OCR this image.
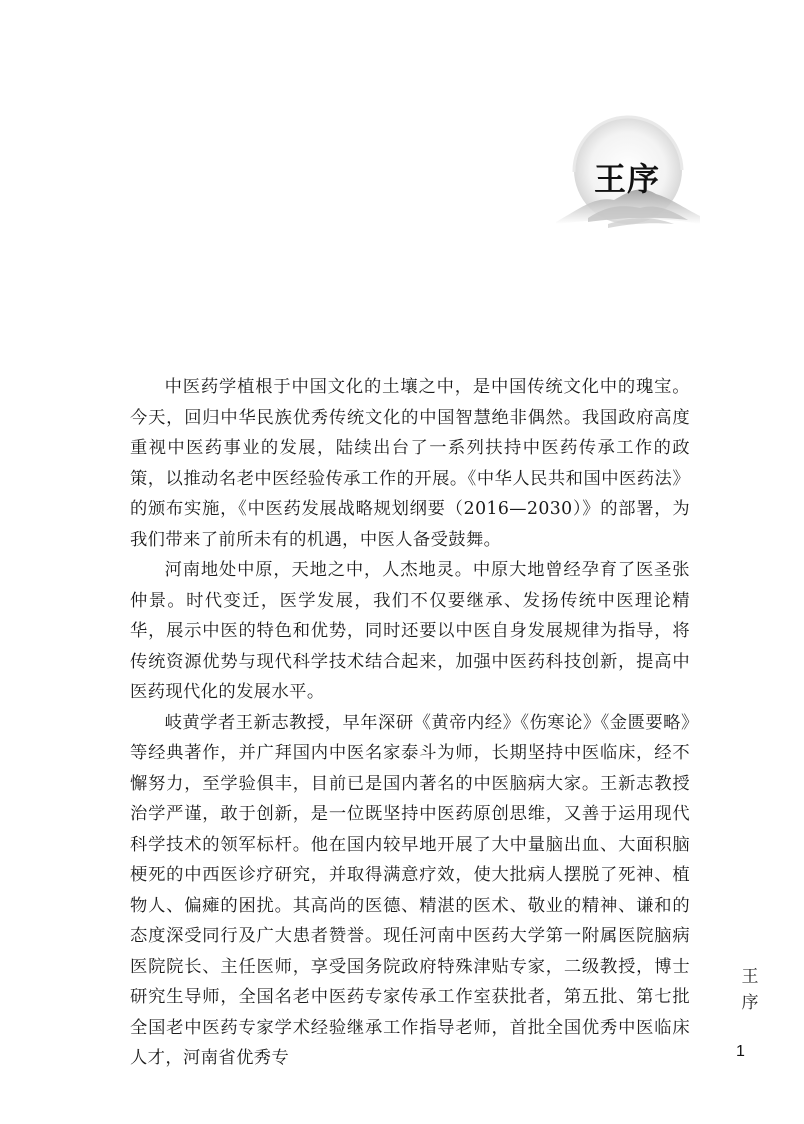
王序

中医药学植根于中国文化的土壤之中，是中国传统文化中的瑰宝。今天，回归中华民族优秀传统文化的中国智慧绝非偶然。我国政府高度重视中医药事业的发展，陆续出台了一系列扶持中医药传承工作的政策，以推动名老中医经验传承工作的开展。《中华人民共和国中医药法》的颁布实施，《中医药发展战略规划纲要（2016—2030）》的部署，为我们带来了前所未有的机遇，中医人备受鼓舞。

河南地处中原，天地之中，人杰地灵。中原大地曾经孕育了医圣张仲景。时代变迁，医学发展，我们不仅要继承、发扬传统中医理论精华，展示中医的特色和优势，同时还要以中医自身发展规律为指导，将传统资源优势与现代科学技术结合起来，加强中医药科技创新，提高中医药现代化的发展水平。

岐黄学者王新志教授，早年深研《黄帝内经》《伤寒论》《金匮要略》等经典著作，并广拜国内中医名家泰斗为师，长期坚持中医临床，经不懈努力，至学验俱丰，目前已是国内著名的中医脑病大家。王新志教授治学严谨，敢于创新，是一位既坚持中医药原创思维，又善于运用现代科学技术的领军标杆。他在国内较早地开展了大中量脑出血、大面积脑梗死的中西医诊疗研究，并取得满意疗效，使大批病人摆脱了死神、植物人、偏瘫的困扰。其高尚的医德、精湛的医术、敬业的精神、谦和的态度深受同行及广大患者赞誉。现任河南中医药大学第一附属医院脑病医院院长、主任医师，享受国务院政府特殊津贴专家，二级教授，博士研究生导师，全国名老中医药专家传承工作室获批者，第五批、第七批全国老中医药专家学术经验继承工作指导老师，首批全国优秀中医临床人才，河南省优秀专

王
序
1
